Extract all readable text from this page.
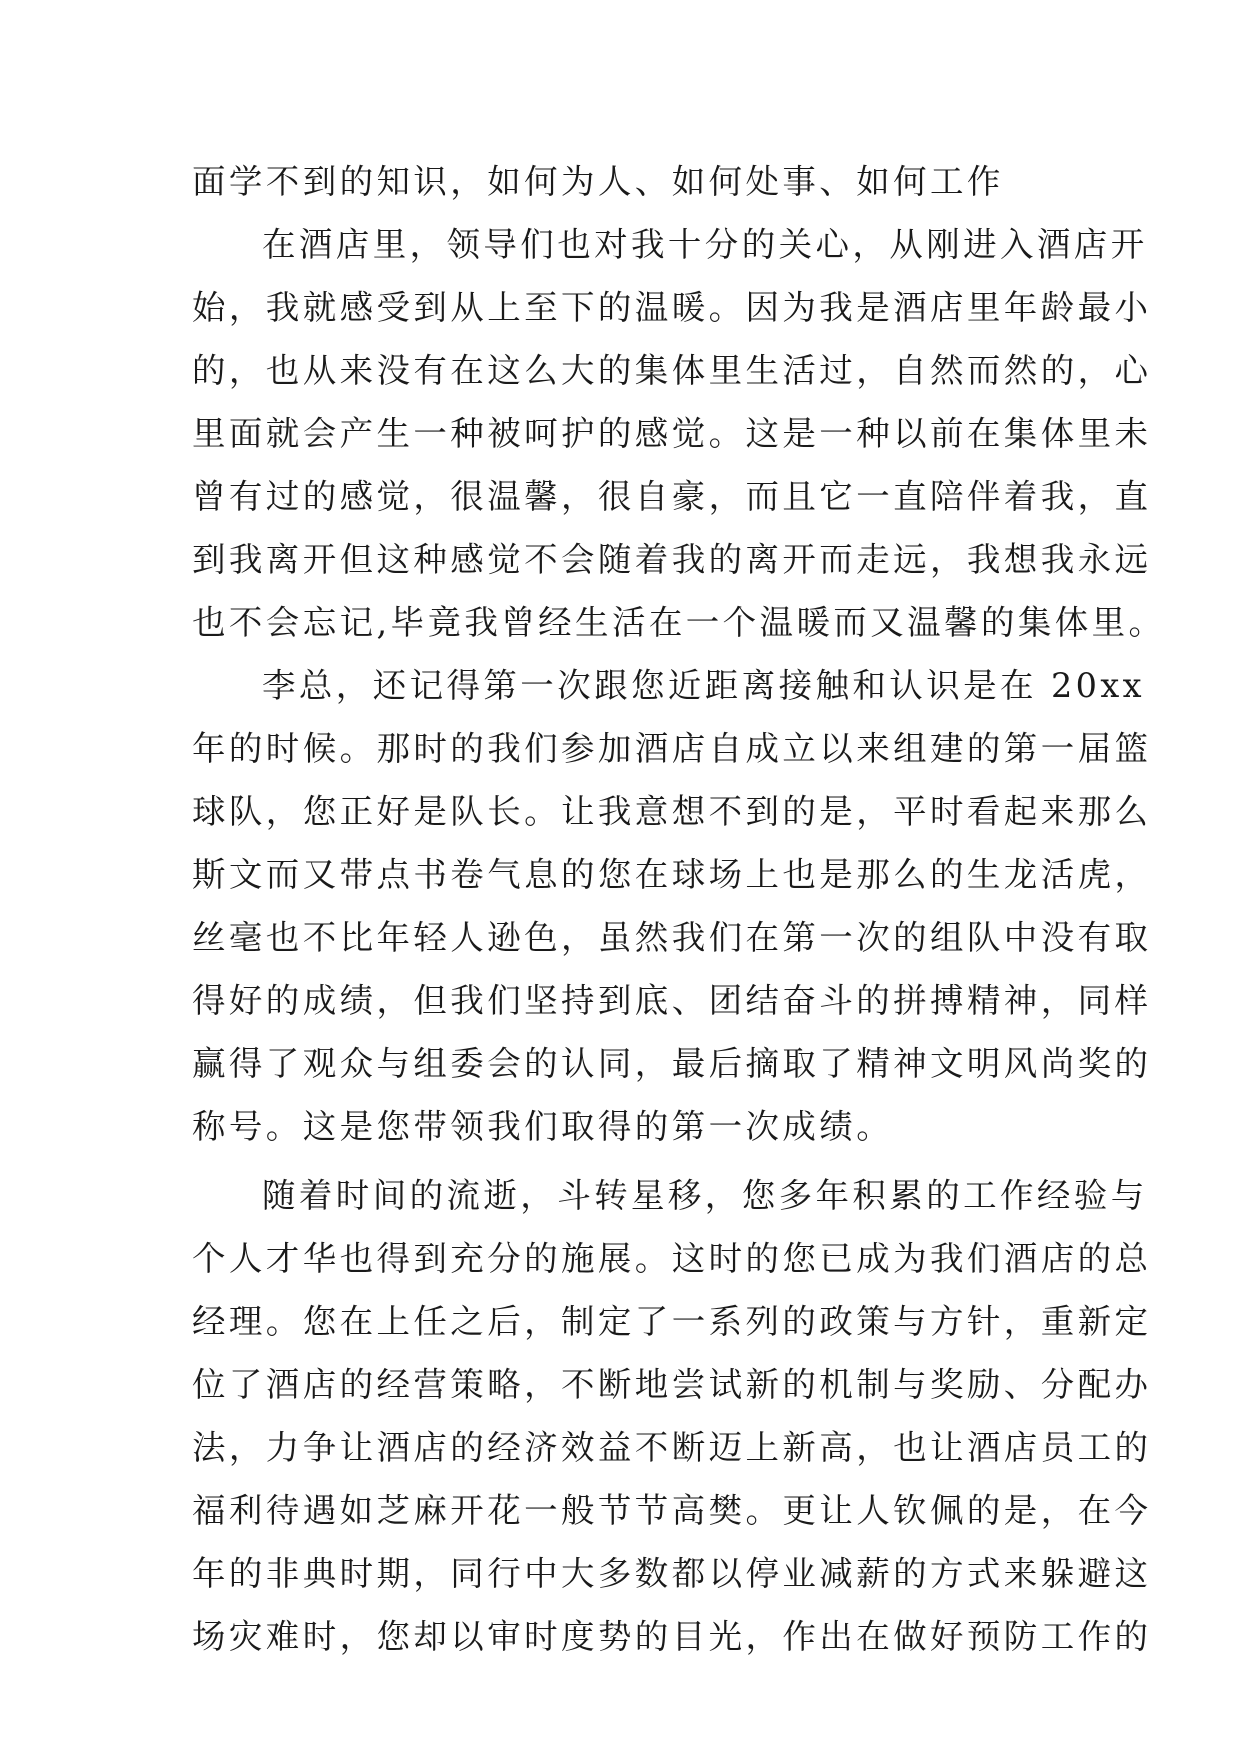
面学不到的知识，如何为人、如何处事、如何工作
在酒店里，领导们也对我十分的关心，从刚进入酒店开
始，我就感受到从上至下的温暖。因为我是酒店里年龄最小
的，也从来没有在这么大的集体里生活过，自然而然的，心
里面就会产生一种被呵护的感觉。这是一种以前在集体里未
曾有过的感觉，很温馨，很自豪，而且它一直陪伴着我，直
到我离开但这种感觉不会随着我的离开而走远，我想我永远
也不会忘记,毕竟我曾经生活在一个温暖而又温馨的集体里。
李总，还记得第一次跟您近距离接触和认识是在 20xx
年的时候。那时的我们参加酒店自成立以来组建的第一届篮
球队，您正好是队长。让我意想不到的是，平时看起来那么
斯文而又带点书卷气息的您在球场上也是那么的生龙活虎，
丝毫也不比年轻人逊色，虽然我们在第一次的组队中没有取
得好的成绩，但我们坚持到底、团结奋斗的拼搏精神，同样
赢得了观众与组委会的认同，最后摘取了精神文明风尚奖的
称号。这是您带领我们取得的第一次成绩。
随着时间的流逝，斗转星移，您多年积累的工作经验与
个人才华也得到充分的施展。这时的您已成为我们酒店的总
经理。您在上任之后，制定了一系列的政策与方针，重新定
位了酒店的经营策略，不断地尝试新的机制与奖励、分配办
法，力争让酒店的经济效益不断迈上新高，也让酒店员工的
福利待遇如芝麻开花一般节节高樊。更让人钦佩的是，在今
年的非典时期，同行中大多数都以停业减薪的方式来躲避这
场灾难时，您却以审时度势的目光，作出在做好预防工作的
